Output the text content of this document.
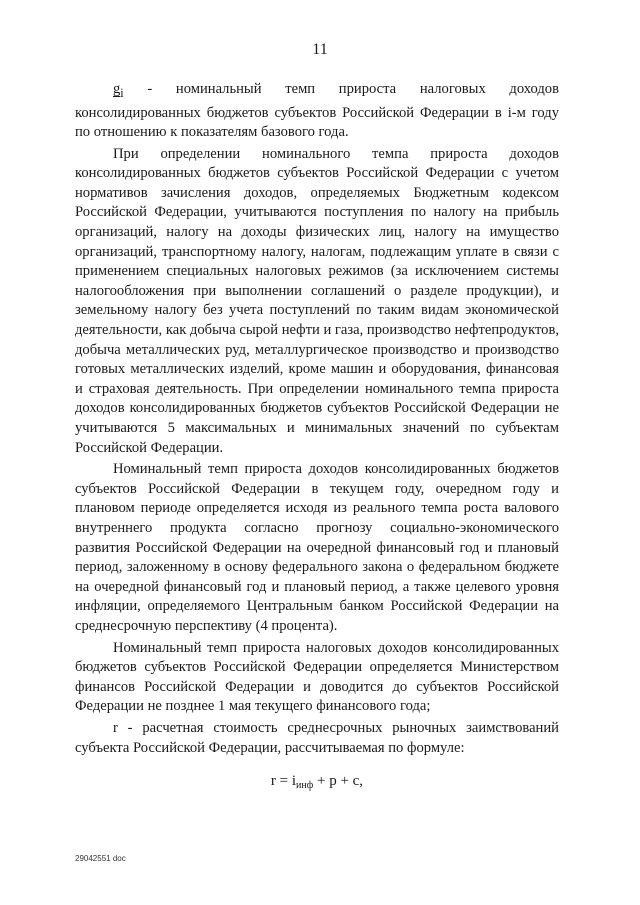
11

$g_i$ - номинальный темп прироста налоговых доходов консолидированных бюджетов субъектов Российской Федерации в i-м году по отношению к показателям базового года.

При определении номинального темпа прироста доходов консолидированных бюджетов субъектов Российской Федерации с учетом нормативов зачисления доходов, определяемых Бюджетным кодексом Российской Федерации, учитываются поступления по налогу на прибыль организаций, налогу на доходы физических лиц, налогу на имущество организаций, транспортному налогу, налогам, подлежащим уплате в связи с применением специальных налоговых режимов (за исключением системы налогообложения при выполнении соглашений о разделе продукции), и земельному налогу без учета поступлений по таким видам экономической деятельности, как добыча сырой нефти и газа, производство нефтепродуктов, добыча металлических руд, металлургическое производство и производство готовых металлических изделий, кроме машин и оборудования, финансовая и страховая деятельность. При определении номинального темпа прироста доходов консолидированных бюджетов субъектов Российской Федерации не учитываются 5 максимальных и минимальных значений по субъектам Российской Федерации.

Номинальный темп прироста доходов консолидированных бюджетов субъектов Российской Федерации в текущем году, очередном году и плановом периоде определяется исходя из реального темпа роста валового внутреннего продукта согласно прогнозу социально-экономического развития Российской Федерации на очередной финансовый год и плановый период, заложенному в основу федерального закона о федеральном бюджете на очередной финансовый год и плановый период, а также целевого уровня инфляции, определяемого Центральным банком Российской Федерации на среднесрочную перспективу (4 процента).

Номинальный темп прироста налоговых доходов консолидированных бюджетов субъектов Российской Федерации определяется Министерством финансов Российской Федерации и доводится до субъектов Российской Федерации не позднее 1 мая текущего финансового года;

r - расчетная стоимость среднесрочных рыночных заимствований субъекта Российской Федерации, рассчитываемая по формуле:

$r = i_{инф} + p + c$,

29042551 doc
